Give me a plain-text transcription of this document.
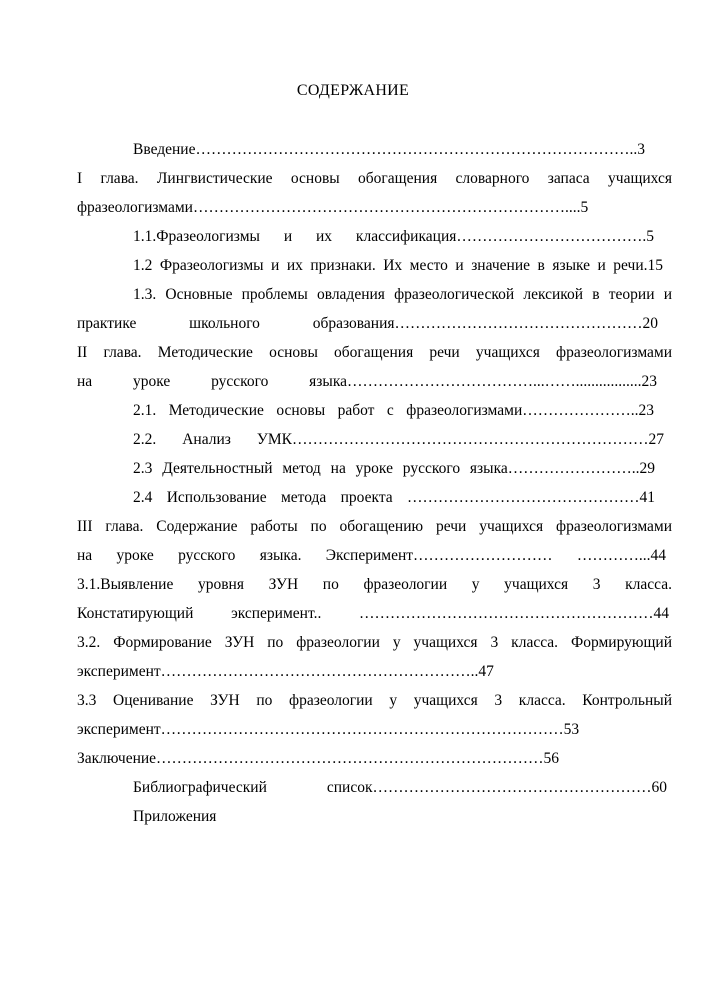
СОДЕРЖАНИЕ
Введение…………………………………………………………………………..3
I глава. Лингвистические основы обогащения словарного запаса учащихся
фразеологизмами………………………………………………………………....5
1.1.Фразеологизмы и их классификация……………………………….5
1.2 Фразеологизмы и их признаки. Их место и значение в языке и речи.15
1.3. Основные проблемы овладения фразеологической лексикой в теории и
практике школьного образования…………………………………………20
II глава. Методические основы обогащения речи учащихся фразеологизмами
на уроке русского языка………………………………...…….................23
2.1. Методические основы работ с фразеологизмами…………………..23
2.2. Анализ УМК……………………………………………………………27
2.3 Деятельностный метод на уроке русского языка……………………..29
2.4 Использование метода проекта ………………………………………41
III глава. Содержание работы по обогащению речи учащихся фразеологизмами
на уроке русского языка. Эксперимент……………………… …………...44
3.1.Выявление уровня ЗУН по фразеологии у учащихся 3 класса.
Констатирующий эксперимент.. …………………………………………………44
3.2. Формирование ЗУН по фразеологии у учащихся 3 класса. Формирующий
эксперимент……………………………………………………..47
3.3 Оценивание ЗУН по фразеологии у учащихся 3 класса. Контрольный
эксперимент……………………………………………………………………53
Заключение…………………………………………………………………56
Библиографический список………………………………………………60
Приложения
